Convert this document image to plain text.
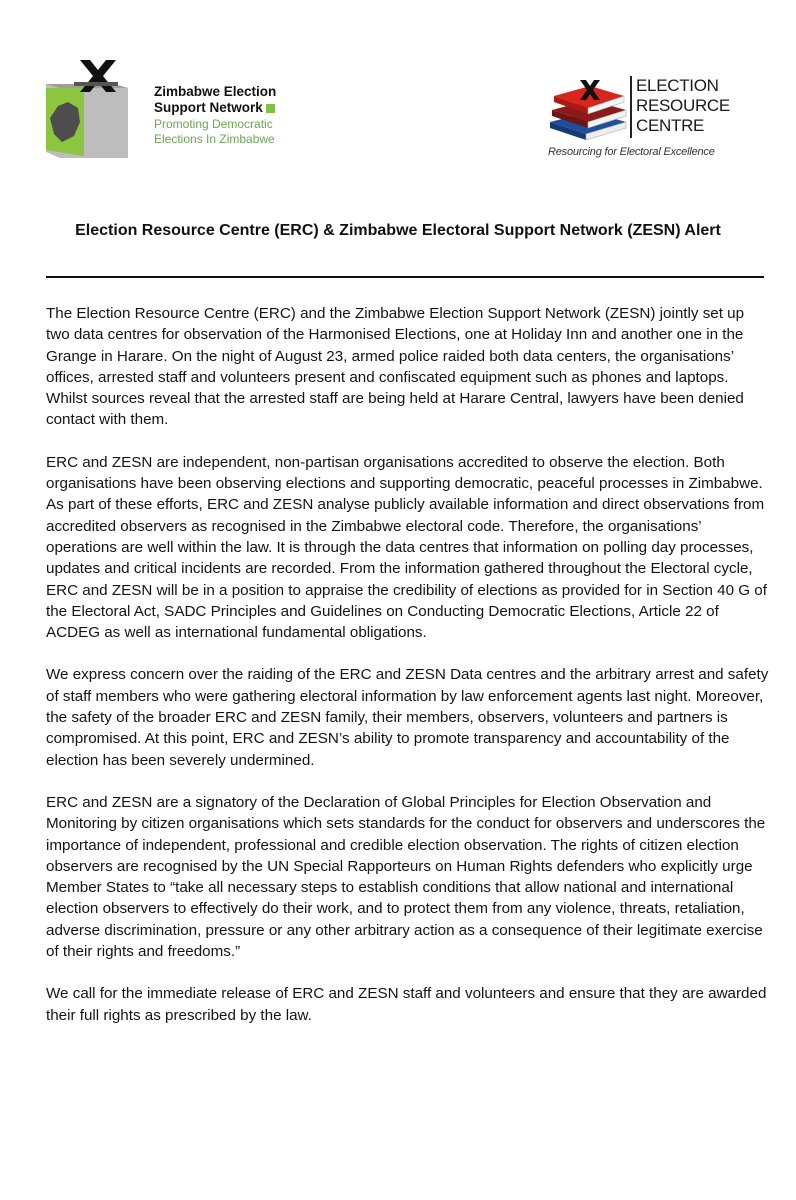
Zimbabwe Election
Support Network
Promoting Democratic
Elections In Zimbabwe
ELECTION
RESOURCE
CENTRE
Resourcing for Electoral Excellence
Election Resource Centre (ERC) & Zimbabwe Electoral Support Network (ZESN) Alert

The Election Resource Centre (ERC) and the Zimbabwe Election Support Network (ZESN) jointly set up two data centres for observation of the Harmonised Elections, one at Holiday Inn and another one in the Grange in Harare. On the night of August 23, armed police raided both data centers, the organisations’ offices, arrested staff and volunteers present and confiscated equipment such as phones and laptops. Whilst sources reveal that the arrested staff are being held at Harare Central, lawyers have been denied contact with them.

ERC and ZESN are independent, non-partisan organisations accredited to observe the election. Both organisations have been observing elections and supporting democratic, peaceful processes in Zimbabwe. As part of these efforts, ERC and ZESN analyse publicly available information and direct observations from accredited observers as recognised in the Zimbabwe electoral code. Therefore, the organisations’ operations are well within the law. It is through the data centres that information on polling day processes, updates and critical incidents are recorded. From the information gathered throughout the Electoral cycle, ERC and ZESN will be in a position to appraise the credibility of elections as provided for in Section 40 G of the Electoral Act, SADC Principles and Guidelines on Conducting Democratic Elections, Article 22 of ACDEG as well as international fundamental obligations.

We express concern over the raiding of the ERC and ZESN Data centres and the arbitrary arrest and safety of staff members who were gathering electoral information by law enforcement agents last night. Moreover, the safety of the broader ERC and ZESN family, their members, observers, volunteers and partners is compromised. At this point, ERC and ZESN’s ability to promote transparency and accountability of the election has been severely undermined.

ERC and ZESN are a signatory of the Declaration of Global Principles for Election Observation and Monitoring by citizen organisations which sets standards for the conduct for observers and underscores the importance of independent, professional and credible election observation. The rights of citizen election observers are recognised by the UN Special Rapporteurs on Human Rights defenders who explicitly urge Member States to “take all necessary steps to establish conditions that allow national and international election observers to effectively do their work, and to protect them from any violence, threats, retaliation, adverse discrimination, pressure or any other arbitrary action as a consequence of their legitimate exercise of their rights and freedoms.”

We call for the immediate release of ERC and ZESN staff and volunteers and ensure that they are awarded their full rights as prescribed by the law.
